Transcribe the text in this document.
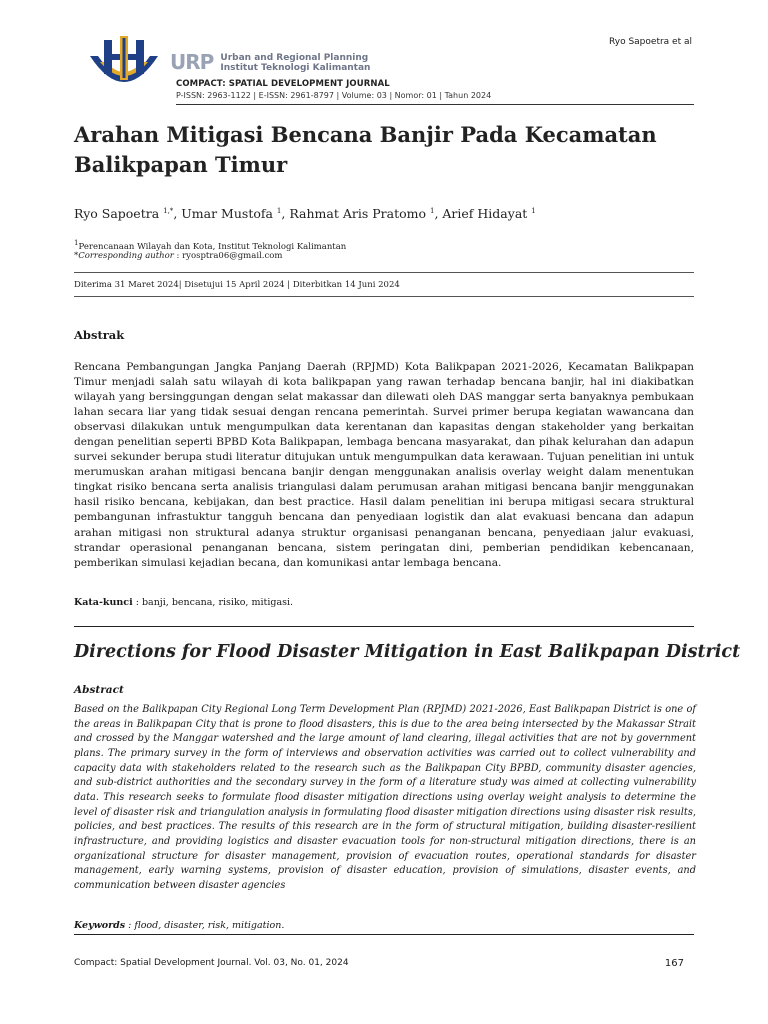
Ryo Sapoetra et al
URP Urban and Regional Planning
Institut Teknologi Kalimantan
COMPACT: SPATIAL DEVELOPMENT JOURNAL
P-ISSN: 2963-1122 | E-ISSN: 2961-8797 | Volume: 03 | Nomor: 01 | Tahun 2024
Arahan Mitigasi Bencana Banjir Pada Kecamatan
Balikpapan Timur
Ryo Sapoetra $^{1,*}$, Umar Mustofa $^1$, Rahmat Aris Pratomo $^1$, Arief Hidayat $^1$
$^1$Perencanaan Wilayah dan Kota, Institut Teknologi Kalimantan
*Corresponding author : ryosptra06@gmail.com
Diterima 31 Maret 2024| Disetujui 15 April 2024 | Diterbitkan 14 Juni 2024
Abstrak
Rencana Pembangungan Jangka Panjang Daerah (RPJMD) Kota Balikpapan 2021-2026, Kecamatan Balikpapan Timur menjadi salah satu wilayah di kota balikpapan yang rawan terhadap bencana banjir, hal ini diakibatkan wilayah yang bersinggungan dengan selat makassar dan dilewati oleh DAS manggar serta banyaknya pembukaan lahan secara liar yang tidak sesuai dengan rencana pemerintah. Survei primer berupa kegiatan wawancana dan observasi dilakukan untuk mengumpulkan data kerentanan dan kapasitas dengan stakeholder yang berkaitan dengan penelitian seperti BPBD Kota Balikpapan, lembaga bencana masyarakat, dan pihak kelurahan dan adapun survei sekunder berupa studi literatur ditujukan untuk mengumpulkan data kerawaan. Tujuan penelitian ini untuk merumuskan arahan mitigasi bencana banjir dengan menggunakan analisis overlay weight dalam menentukan tingkat risiko bencana serta analisis triangulasi dalam perumusan arahan mitigasi bencana banjir menggunakan hasil risiko bencana, kebijakan, dan best practice. Hasil dalam penelitian ini berupa mitigasi secara struktural pembangunan infrastuktur tangguh bencana dan penyediaan logistik dan alat evakuasi bencana dan adapun arahan mitigasi non struktural adanya struktur organisasi penanganan bencana, penyediaan jalur evakuasi, strandar operasional penanganan bencana, sistem peringatan dini, pemberian pendidikan kebencanaan, pemberikan simulasi kejadian becana, dan komunikasi antar lembaga bencana.
Kata-kunci : banji, bencana, risiko, mitigasi.
Directions for Flood Disaster Mitigation in East Balikpapan District
Abstract
Based on the Balikpapan City Regional Long Term Development Plan (RPJMD) 2021-2026, East Balikpapan District is one of the areas in Balikpapan City that is prone to flood disasters, this is due to the area being intersected by the Makassar Strait and crossed by the Manggar watershed and the large amount of land clearing, illegal activities that are not by government plans. The primary survey in the form of interviews and observation activities was carried out to collect vulnerability and capacity data with stakeholders related to the research such as the Balikpapan City BPBD, community disaster agencies, and sub-district authorities and the secondary survey in the form of a literature study was aimed at collecting vulnerability data. This research seeks to formulate flood disaster mitigation directions using overlay weight analysis to determine the level of disaster risk and triangulation analysis in formulating flood disaster mitigation directions using disaster risk results, policies, and best practices. The results of this research are in the form of structural mitigation, building disaster-resilient infrastructure, and providing logistics and disaster evacuation tools for non-structural mitigation directions, there is an organizational structure for disaster management, provision of evacuation routes, operational standards for disaster management, early warning systems, provision of disaster education, provision of simulations, disaster events, and communication between disaster agencies
Keywords : flood, disaster, risk, mitigation.
Compact: Spatial Development Journal. Vol. 03, No. 01, 2024	167
